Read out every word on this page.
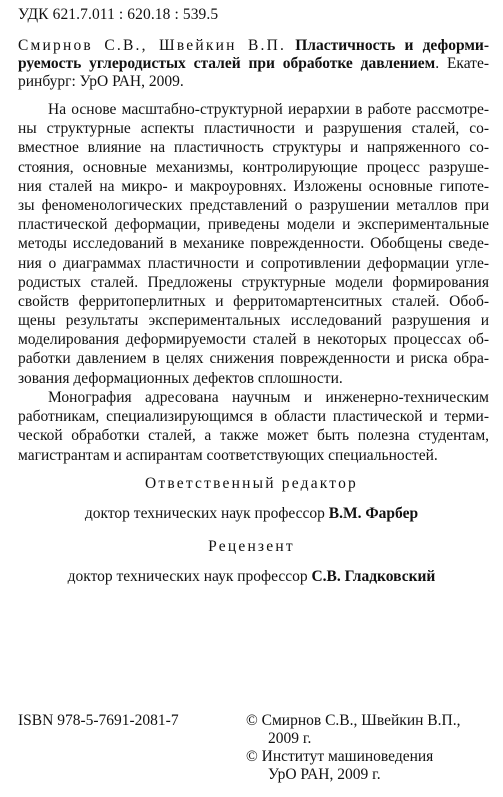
УДК 621.7.011 : 620.18 : 539.5
Смирнов С.В., Швейкин В.П. Пластичность и деформи-
руемость углеродистых сталей при обработке давлением. Екате-
ринбург: УрО РАН, 2009.
На основе масштабно-структурной иерархии в работе рассмотре-
ны структурные аспекты пластичности и разрушения сталей, со-
вместное влияние на пластичность структуры и напряженного со-
стояния, основные механизмы, контролирующие процесс разруше-
ния сталей на микро- и макроуровнях. Изложены основные гипоте-
зы феноменологических представлений о разрушении металлов при
пластической деформации, приведены модели и экспериментальные
методы исследований в механике поврежденности. Обобщены сведе-
ния о диаграммах пластичности и сопротивлении деформации угле-
родистых сталей. Предложены структурные модели формирования
свойств ферритоперлитных и ферритомартенситных сталей. Обоб-
щены результаты экспериментальных исследований разрушения и
моделирования деформируемости сталей в некоторых процессах об-
работки давлением в целях снижения поврежденности и риска обра-
зования деформационных дефектов сплошности.
Монография адресована научным и инженерно-техническим
работникам, специализирующимся в области пластической и терми-
ческой обработки сталей, а также может быть полезна студентам,
магистрантам и аспирантам соответствующих специальностей.
Ответственный редактор
доктор технических наук профессор В.М. Фарбер
Рецензент
доктор технических наук профессор С.В. Гладковский
ISBN 978-5-7691-2081-7	© Смирнов С.В., Швейкин В.П.,
2009 г.
© Институт машиноведения
УрО РАН, 2009 г.
